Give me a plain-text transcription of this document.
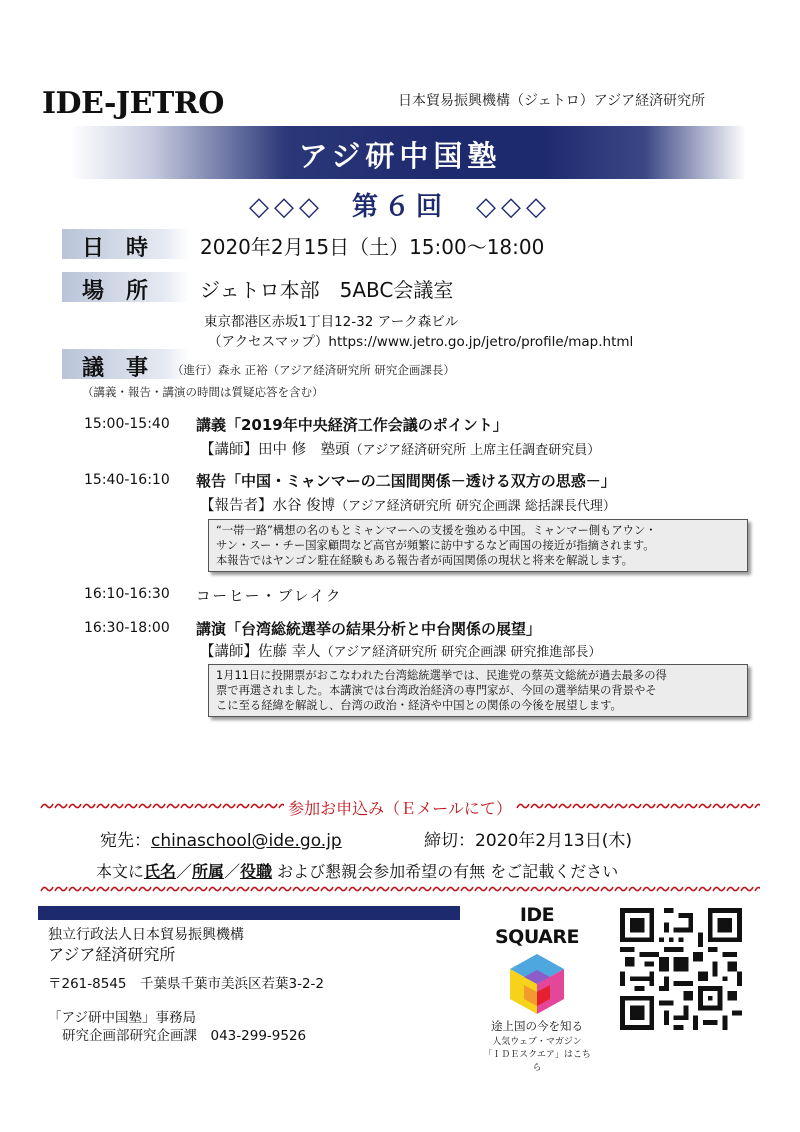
IDE-JETRO	日本貿易振興機構（ジェトロ）アジア経済研究所
アジ研中国塾
◇◇◇ 第６回 ◇◇◇
日時 2020年2月15日（土）15:00〜18:00
場所 ジェトロ本部　5ABC会議室
東京都港区赤坂1丁目12-32 アーク森ビル
（アクセスマップ）https://www.jetro.go.jp/jetro/profile/map.html
議事 （進行）森永 正裕（アジア経済研究所 研究企画課長）
（講義・報告・講演の時間は質疑応答を含む）
15:00-15:40 講義「2019年中央経済工作会議のポイント」
【講師】田中 修　塾頭（アジア経済研究所 上席主任調査研究員）
15:40-16:10 報告「中国・ミャンマーの二国間関係－透ける双方の思惑－」
【報告者】水谷 俊博（アジア経済研究所 研究企画課 総括課長代理）
“一帯一路”構想の名のもとミャンマーへの支援を強める中国。ミャンマー側もアウン・
サン・スー・チー国家顧問など高官が頻繁に訪中するなど両国の接近が指摘されます。
本報告ではヤンゴン駐在経験もある報告者が両国関係の現状と将来を解説します。
16:10-16:30 コーヒー・ブレイク
16:30-18:00 講演「台湾総統選挙の結果分析と中台関係の展望」
【講師】佐藤 幸人（アジア経済研究所 研究企画課 研究推進部長）
1月11日に投開票がおこなわれた台湾総統選挙では、民進党の蔡英文総統が過去最多の得
票で再選されました。本講演では台湾政治経済の専門家が、今回の選挙結果の背景やそ
こに至る経緯を解説し、台湾の政治・経済や中国との関係の今後を展望します。
参加お申込み（Ｅメールにて）
宛先：chinaschool@ide.go.jp	締切：2020年2月13日(木)
本文に氏名／所属／役職 および懇親会参加希望の有無 をご記載ください
独立行政法人日本貿易振興機構
アジア経済研究所
〒261-8545　千葉県千葉市美浜区若葉3-2-2
「アジ研中国塾」事務局
研究企画部研究企画課　043-299-9526
IDE SQUARE
途上国の今を知る
人気ウェブ・マガジン
「ＩＤＥスクエア」はこちら
